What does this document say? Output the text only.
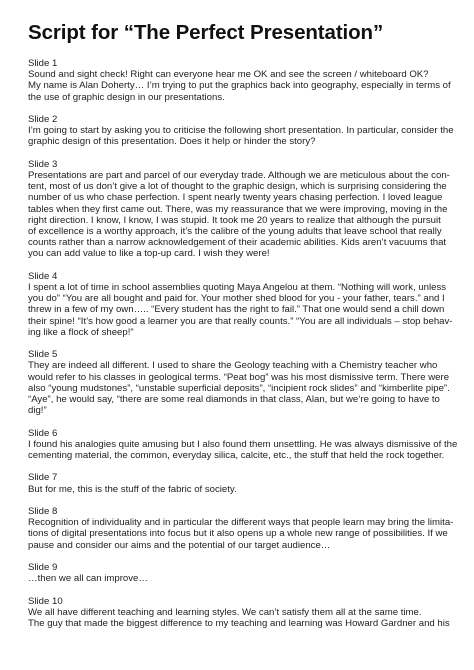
Script for “The Perfect Presentation”
Slide 1
Sound and sight check! Right can everyone hear me OK and see the screen / whiteboard OK?
My name is Alan Doherty… I’m trying to put the graphics back into geography, especially in terms of
the use of graphic design in our presentations.
Slide 2
I’m going to start by asking you to criticise the following short presentation. In particular, consider the
graphic design of this presentation. Does it help or hinder the story?
Slide 3
Presentations are part and parcel of our everyday trade. Although we are meticulous about the con-
tent, most of us don’t give a lot of thought to the graphic design, which is surprising considering the
number of us who chase perfection. I spent nearly twenty years chasing perfection. I loved league
tables when they first came out. There, was my reassurance that we were improving, moving in the
right direction. I know, I know, I was stupid. It took me 20 years to realize that although the pursuit
of excellence is a worthy approach, it’s the calibre of the young adults that leave school that really
counts rather than a narrow acknowledgement of their academic abilities. Kids aren’t vacuums that
you can add value to like a top-up card. I wish they were!
Slide 4
I spent a lot of time in school assemblies quoting Maya Angelou at them. “Nothing will work, unless
you do” “You are all bought and paid for. Your mother shed blood for you - your father, tears.” and I
threw in a few of my own….. “Every student has the right to fail.” That one would send a chill down
their spine! “It’s how good a learner you are that really counts.” “You are all individuals – stop behav-
ing like a flock of sheep!”
Slide 5
They are indeed all different. I used to share the Geology teaching with a Chemistry teacher who
would refer to his classes in geological terms. “Peat bog” was his most dismissive term. There were
also “young mudstones”, “unstable superficial deposits”, “incipient rock slides” and “kimberlite pipe”.
“Aye”, he would say, “there are some real diamonds in that class, Alan, but we’re going to have to
dig!”
Slide 6
I found his analogies quite amusing but I also found them unsettling. He was always dismissive of the
cementing material, the common, everyday silica, calcite, etc., the stuff that held the rock together.
Slide 7
But for me, this is the stuff of the fabric of society.
Slide 8
Recognition of individuality and in particular the different ways that people learn may bring the limita-
tions of digital presentations into focus but it also opens up a whole new range of possibilities. If we
pause and consider our aims and the potential of our target audience…
Slide 9
…then we all can improve…
Slide 10
We all have different teaching and learning styles. We can’t satisfy them all at the same time.
The guy that made the biggest difference to my teaching and learning was Howard Gardner and his
